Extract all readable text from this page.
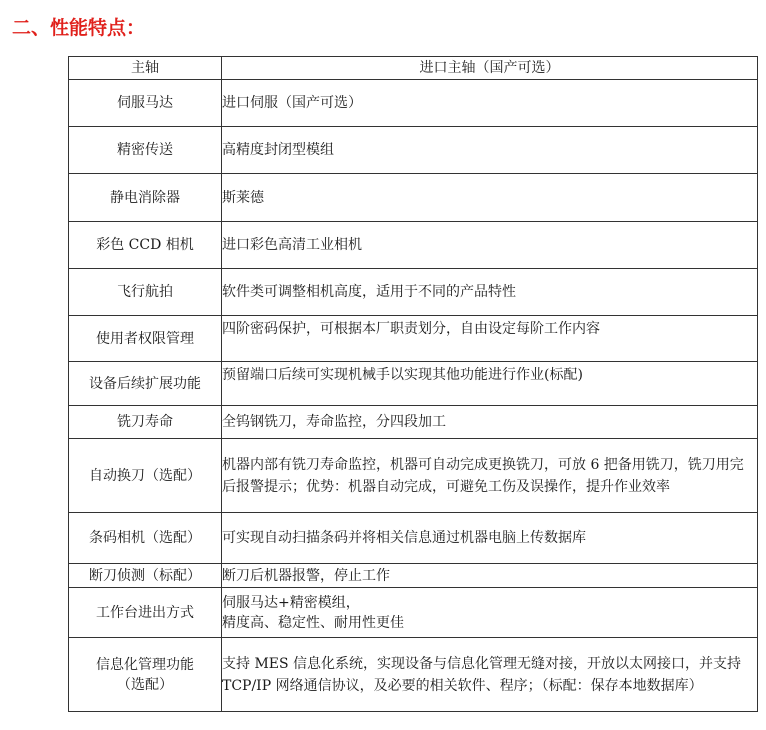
二、性能特点：
主轴	进口主轴（国产可选）
伺服马达	进口伺服（国产可选）
精密传送	高精度封闭型模组
静电消除器	斯莱德
彩色 CCD 相机	进口彩色高清工业相机
飞行航拍	软件类可调整相机高度，适用于不同的产品特性
使用者权限管理	四阶密码保护，可根据本厂职责划分，自由设定每阶工作内容
设备后续扩展功能	预留端口后续可实现机械手以实现其他功能进行作业(标配)
铣刀寿命	全钨钢铣刀，寿命监控，分四段加工
自动换刀（选配）	机器内部有铣刀寿命监控，机器可自动完成更换铣刀，可放 6 把备用铣刀，铣刀用完后报警提示；优势：机器自动完成，可避免工伤及误操作，提升作业效率
条码相机（选配）	可实现自动扫描条码并将相关信息通过机器电脑上传数据库
断刀侦测（标配）	断刀后机器报警，停止工作
工作台进出方式	伺服马达+精密模组，
精度高、稳定性、耐用性更佳

信息化管理功能
（选配）	支持 MES 信息化系统，实现设备与信息化管理无缝对接，开放以太网接口，并支持 TCP/IP 网络通信协议，及必要的相关软件、程序；（标配：保存本地数据库）
